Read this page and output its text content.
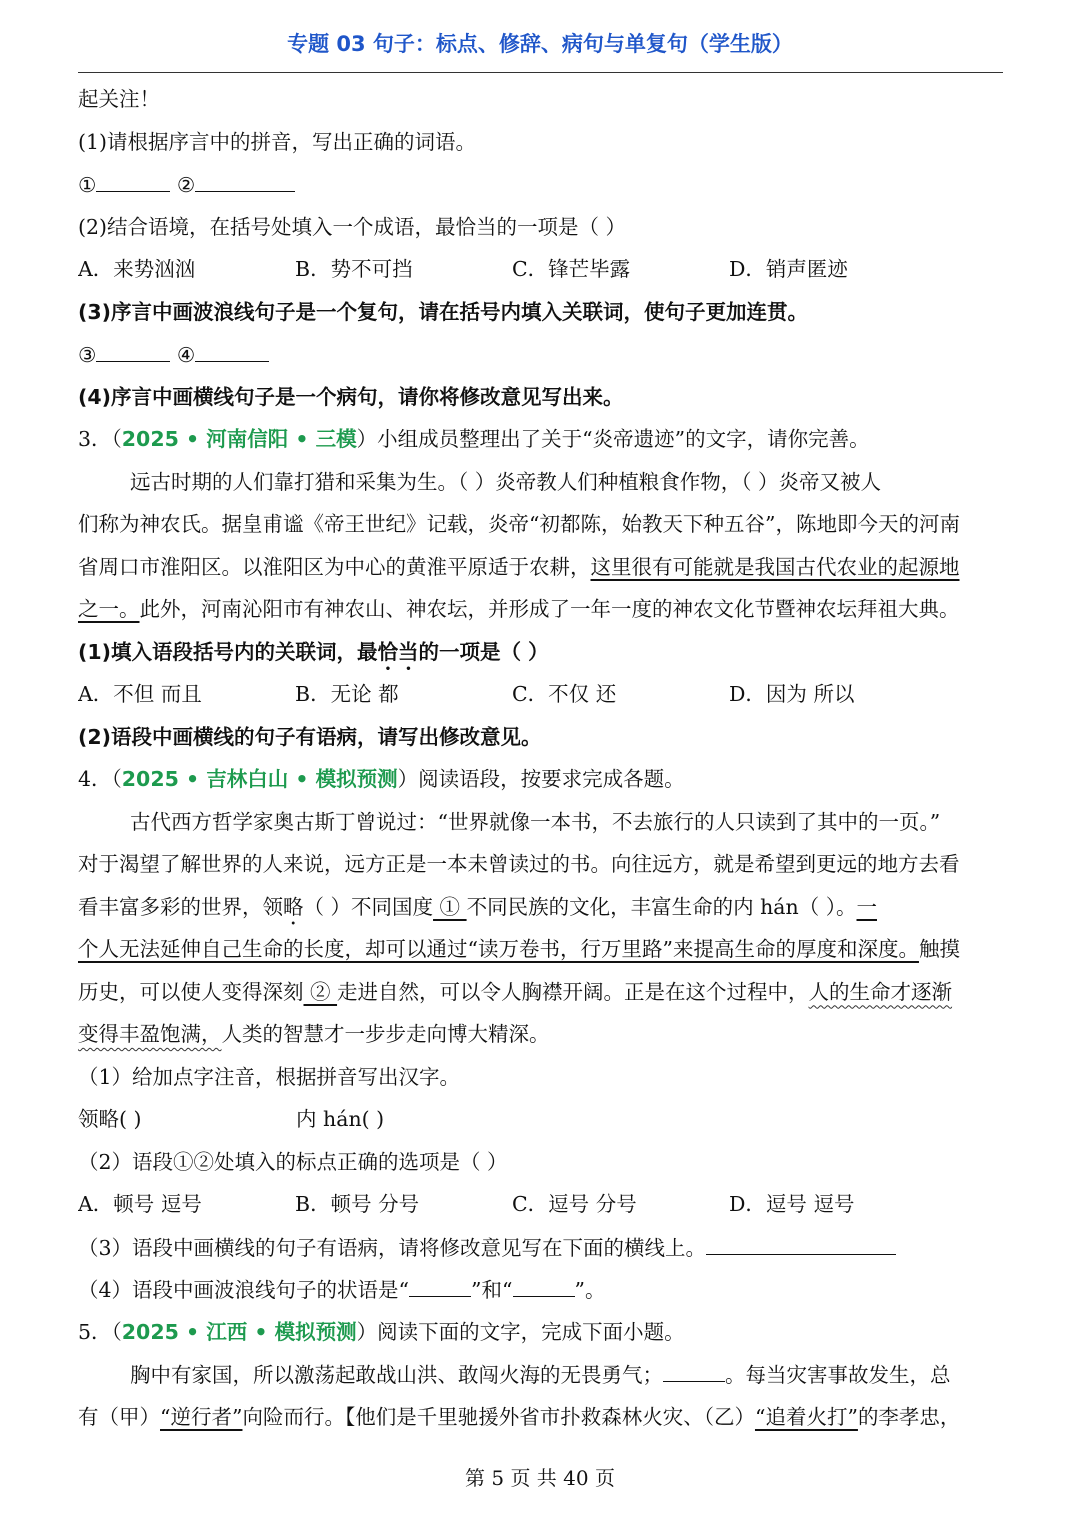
专题 03 句子：标点、修辞、病句与单复句（学生版）
起关注！
(1)请根据序言中的拼音，写出正确的词语。
①	②
(2)结合语境，在括号处填入一个成语，最恰当的一项是（ ）
A．来势汹汹	B．势不可挡	C．锋芒毕露	D．销声匿迹
(3)序言中画波浪线句子是一个复句，请在括号内填入关联词，使句子更加连贯。
③	④
(4)序言中画横线句子是一个病句，请你将修改意见写出来。
3．（2025 • 河南信阳 • 三模）小组成员整理出了关于“炎帝遗迹”的文字，请你完善。
远古时期的人们靠打猎和采集为生。（ ）炎帝教人们种植粮食作物，（ ）炎帝又被人
们称为神农氏。据皇甫谧《帝王世纪》记载，炎帝“初都陈，始教天下种五谷”，陈地即今天的河南
省周口市淮阳区。以淮阳区为中心的黄淮平原适于农耕，这里很有可能就是我国古代农业的起源地
之一。此外，河南沁阳市有神农山、神农坛，并形成了一年一度的神农文化节暨神农坛拜祖大典。
(1)填入语段括号内的关联词，最恰当的一项是（ ）
A．不但 而且	B．无论 都	C．不仅 还	D．因为 所以
(2)语段中画横线的句子有语病，请写出修改意见。
4．（2025 • 吉林白山 • 模拟预测）阅读语段，按要求完成各题。
古代西方哲学家奥古斯丁曾说过：“世界就像一本书，不去旅行的人只读到了其中的一页。”
对于渴望了解世界的人来说，远方正是一本未曾读过的书。向往远方，就是希望到更远的地方去看
看丰富多彩的世界，领略（ ）不同国度 ① 不同民族的文化，丰富生命的内 hán（ ）。一
个人无法延伸自己生命的长度，却可以通过“读万卷书，行万里路”来提高生命的厚度和深度。触摸
历史，可以使人变得深刻 ② 走进自然，可以令人胸襟开阔。正是在这个过程中，人的生命才逐渐
变得丰盈饱满，人类的智慧才一步步走向博大精深。
（1）给加点字注音，根据拼音写出汉字。
领略( )	内 hán( )
（2）语段①②处填入的标点正确的选项是（ ）
A．顿号 逗号	B．顿号 分号	C．逗号 分号	D．逗号 逗号
（3）语段中画横线的句子有语病，请将修改意见写在下面的横线上。
（4）语段中画波浪线句子的状语是“	”和“	”。
5．（2025 • 江西 • 模拟预测）阅读下面的文字，完成下面小题。
胸中有家国，所以激荡起敢战山洪、敢闯火海的无畏勇气；	。每当灾害事故发生，总
有（甲）“逆行者”向险而行。【他们是千里驰援外省市扑救森林火灾、（乙）“追着火打”的李孝忠，
第 5 页 共 40 页
